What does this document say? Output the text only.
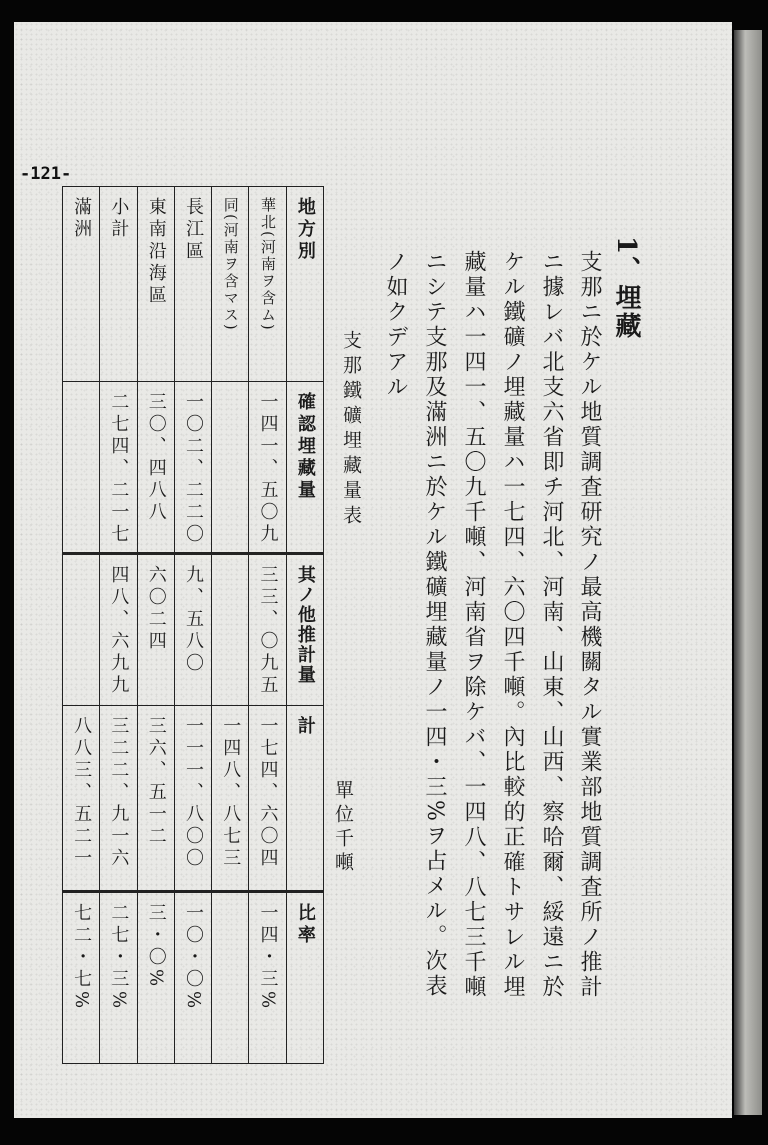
-121-
1、埋藏
支那ニ於ケル地質調査研究ノ最高機關タル實業部地質調査所ノ推計
ニ據レバ北支六省即チ河北、河南、山東、山西、察哈爾、綏遠ニ於
ケル鐵礦ノ埋藏量ハ一七四、六〇四千噸。內比較的正確トサレル埋
藏量ハ一四一、五〇九千噸、河南省ヲ除ケバ、一四八、八七三千噸
ニシテ支那及滿洲ニ於ケル鐵礦埋藏量ノ一四・三%ヲ占メル。次表
ノ如クデアル
支那鐵礦埋藏量表
單位千噸
滿洲	小計	東南沿海區	長江區	同(河南ヲ含マス)	華北(河南ヲ含ム)	地方別
	二七四、二一七	三〇、四八八	一〇二、二二〇		一四一、五〇九	確認埋藏量
	四八、六九九	六〇二四	九、五八〇		三三、〇九五	其ノ他推計量
八八三、五二一	三二二、九一六	三六、五一二	一一一、八〇〇	一四八、八七三	一七四、六〇四	計
七二・七%	二七・三%	三・〇%	一〇・〇%		一四・三%	比率
